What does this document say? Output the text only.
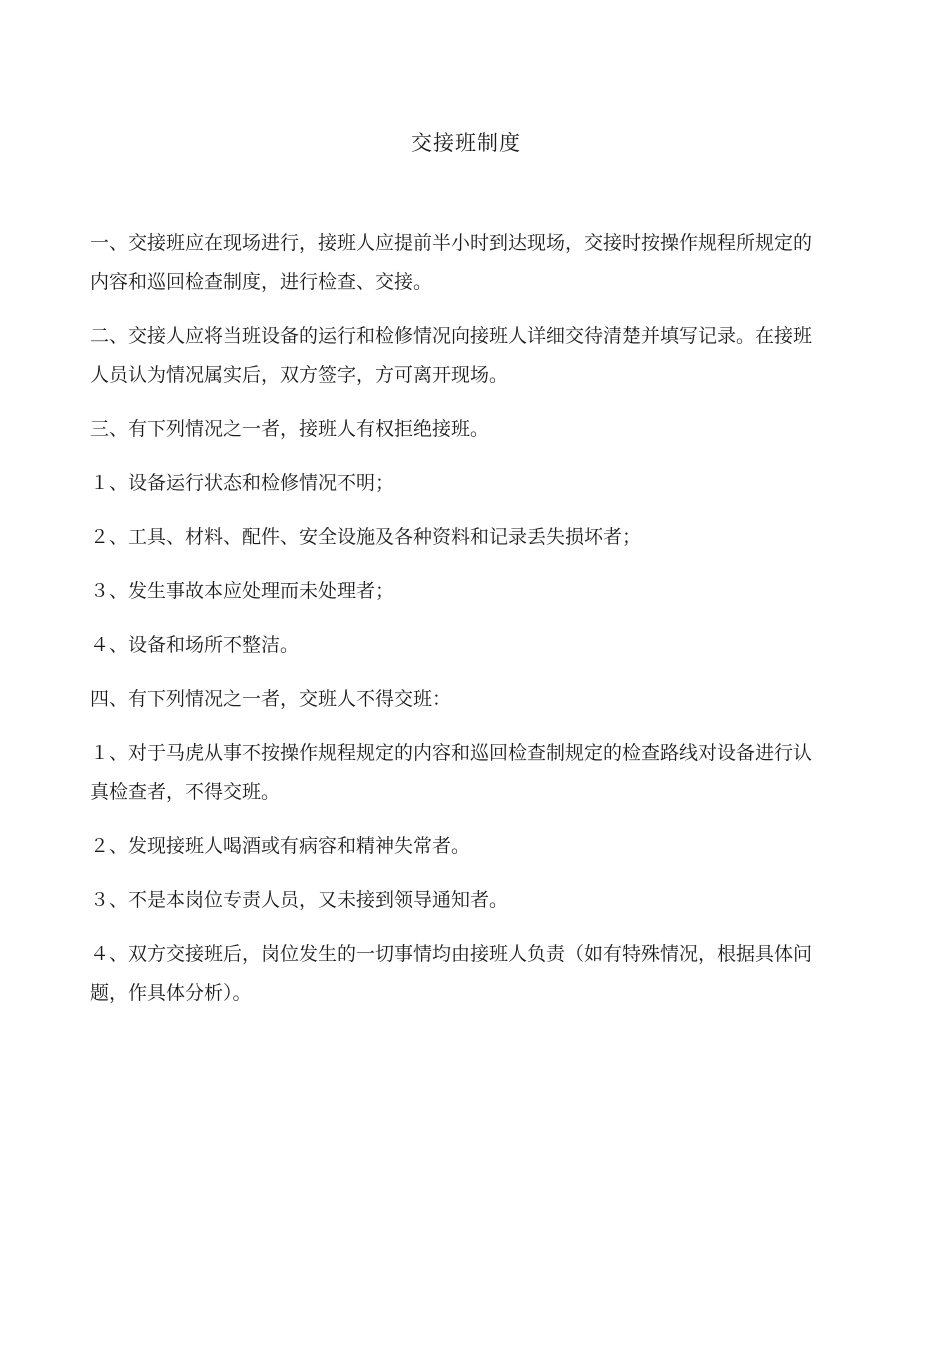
交接班制度

一、交接班应在现场进行，接班人应提前半小时到达现场，交接时按操作规程所规定的内容和巡回检查制度，进行检查、交接。

二、交接人应将当班设备的运行和检修情况向接班人详细交待清楚并填写记录。在接班人员认为情况属实后，双方签字，方可离开现场。

三、有下列情况之一者，接班人有权拒绝接班。

１、设备运行状态和检修情况不明；

２、工具、材料、配件、安全设施及各种资料和记录丢失损坏者；

３、发生事故本应处理而未处理者；

４、设备和场所不整洁。

四、有下列情况之一者，交班人不得交班：

１、对于马虎从事不按操作规程规定的内容和巡回检查制规定的检查路线对设备进行认真检查者，不得交班。

２、发现接班人喝酒或有病容和精神失常者。

３、不是本岗位专责人员，又未接到领导通知者。

４、双方交接班后，岗位发生的一切事情均由接班人负责（如有特殊情况，根据具体问题，作具体分析）。
